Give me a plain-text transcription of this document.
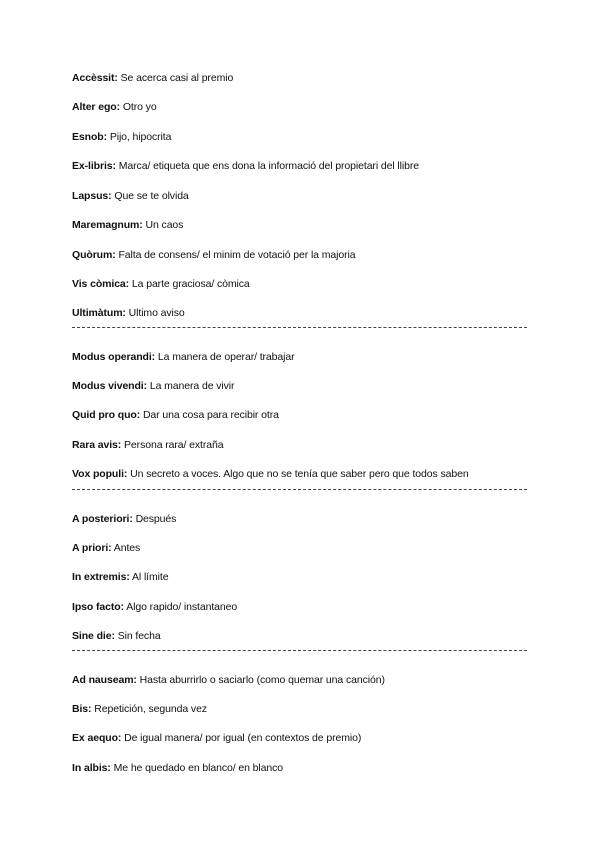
Accèssit: Se acerca casi al premio
Alter ego: Otro yo
Esnob: Pijo, hipocrita
Ex-libris: Marca/ etiqueta que ens dona la informació del propietari del llibre
Lapsus: Que se te olvida
Maremagnum: Un caos
Quòrum: Falta de consens/ el minim de votació per la majoria
Vis còmica: La parte graciosa/ còmica
Ultimàtum: Ultimo aviso
Modus operandi: La manera de operar/ trabajar
Modus vivendi: La manera de vivir
Quid pro quo: Dar una cosa para recibir otra
Rara avis: Persona rara/ extraña
Vox populi: Un secreto a voces. Algo que no se tenía que saber pero que todos saben
A posteriori: Después
A priori: Antes
In extremis: Al límite
Ipso facto: Algo rapido/ instantaneo
Sine die: Sin fecha
Ad nauseam: Hasta aburrirlo o saciarlo (como quemar una canción)
Bis: Repetición, segunda vez
Ex aequo: De igual manera/ por igual (en contextos de premio)
In albis: Me he quedado en blanco/ en blanco
